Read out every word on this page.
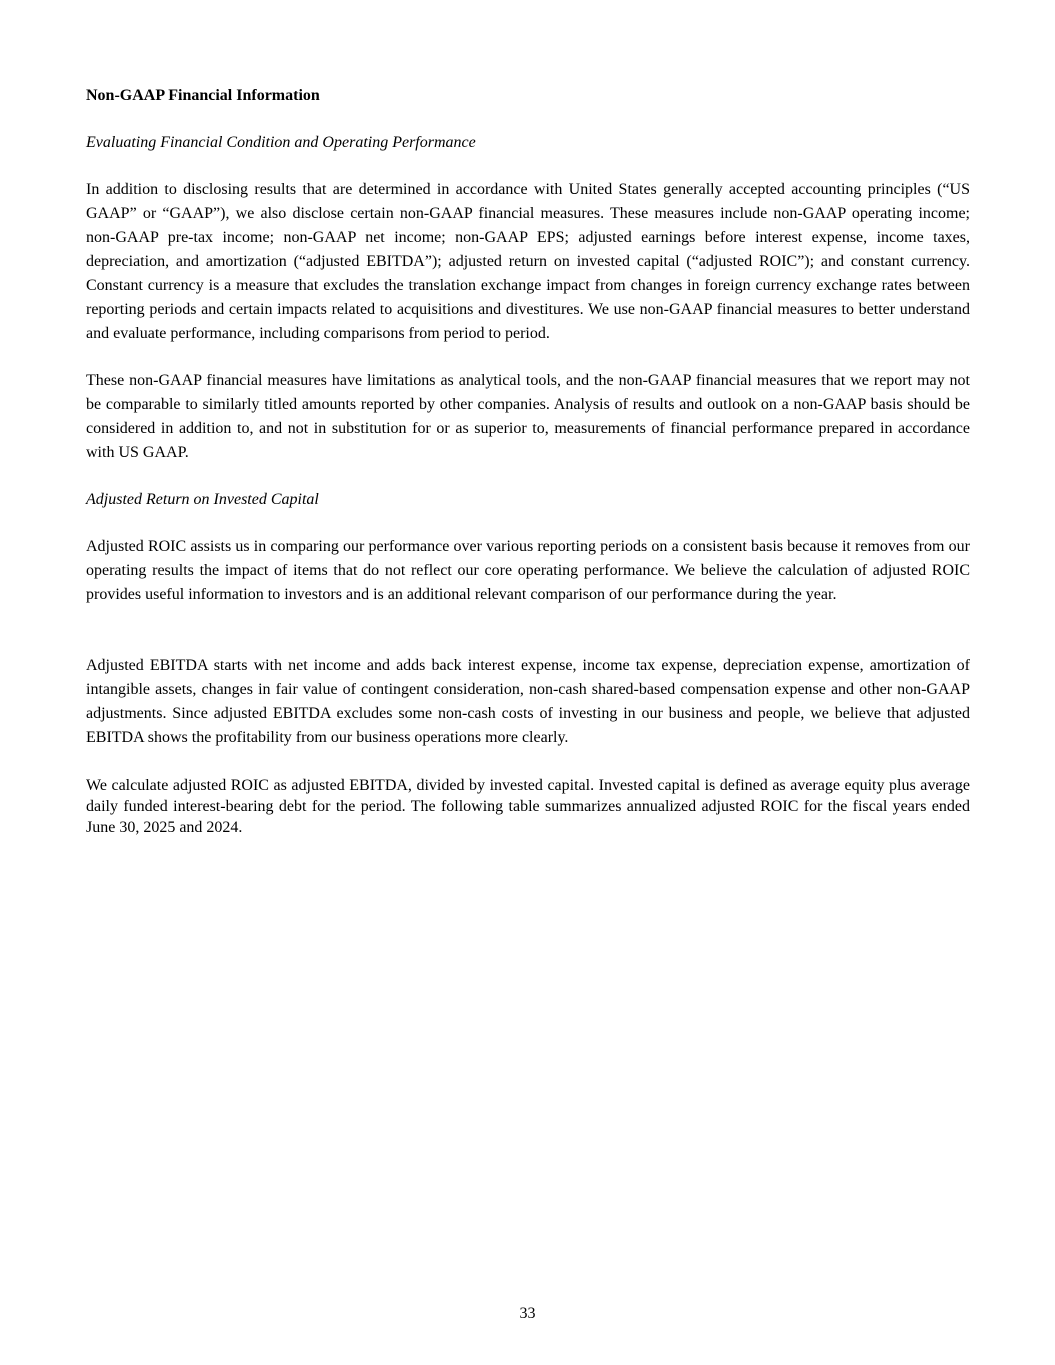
Non-GAAP Financial Information

Evaluating Financial Condition and Operating Performance

In addition to disclosing results that are determined in accordance with United States generally accepted accounting principles (“US GAAP” or “GAAP”), we also disclose certain non-GAAP financial measures. These measures include non-GAAP operating income; non-GAAP pre-tax income; non-GAAP net income; non-GAAP EPS; adjusted earnings before interest expense, income taxes, depreciation, and amortization (“adjusted EBITDA”); adjusted return on invested capital (“adjusted ROIC”); and constant currency. Constant currency is a measure that excludes the translation exchange impact from changes in foreign currency exchange rates between reporting periods and certain impacts related to acquisitions and divestitures. We use non-GAAP financial measures to better understand and evaluate performance, including comparisons from period to period.

These non-GAAP financial measures have limitations as analytical tools, and the non-GAAP financial measures that we report may not be comparable to similarly titled amounts reported by other companies. Analysis of results and outlook on a non-GAAP basis should be considered in addition to, and not in substitution for or as superior to, measurements of financial performance prepared in accordance with US GAAP.

Adjusted Return on Invested Capital

Adjusted ROIC assists us in comparing our performance over various reporting periods on a consistent basis because it removes from our operating results the impact of items that do not reflect our core operating performance. We believe the calculation of adjusted ROIC provides useful information to investors and is an additional relevant comparison of our performance during the year.

Adjusted EBITDA starts with net income and adds back interest expense, income tax expense, depreciation expense, amortization of intangible assets, changes in fair value of contingent consideration, non-cash shared-based compensation expense and other non-GAAP adjustments. Since adjusted EBITDA excludes some non-cash costs of investing in our business and people, we believe that adjusted EBITDA shows the profitability from our business operations more clearly.

We calculate adjusted ROIC as adjusted EBITDA, divided by invested capital. Invested capital is defined as average equity plus average daily funded interest-bearing debt for the period. The following table summarizes annualized adjusted ROIC for the fiscal years ended June 30, 2025 and 2024.

33
